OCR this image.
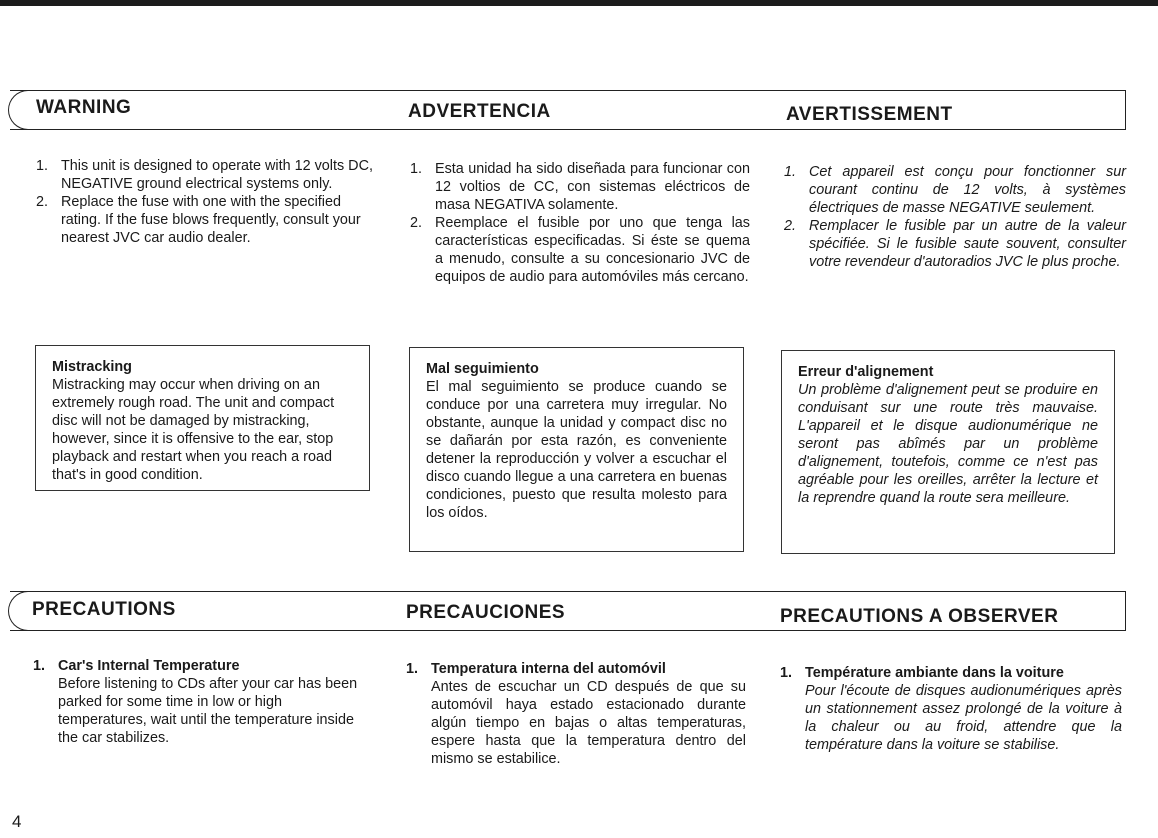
WARNING	ADVERTENCIA	AVERTISSEMENT
1. This unit is designed to operate with 12 volts DC, NEGATIVE ground electrical systems only.
2. Replace the fuse with one with the specified rating. If the fuse blows frequently, consult your nearest JVC car audio dealer.
1. Esta unidad ha sido diseñada para funcionar con 12 voltios de CC, con sistemas eléctricos de masa NEGATIVA solamente.
2. Reemplace el fusible por uno que tenga las características especificadas. Si éste se quema a menudo, consulte a su concesionario JVC de equipos de audio para automóviles más cercano.
1. Cet appareil est conçu pour fonctionner sur courant continu de 12 volts, à systèmes électriques de masse NEGATIVE seulement.
2. Remplacer le fusible par un autre de la valeur spécifiée. Si le fusible saute souvent, consulter votre revendeur d'autoradios JVC le plus proche.
Mistracking
Mistracking may occur when driving on an extremely rough road. The unit and compact disc will not be damaged by mistracking, however, since it is offensive to the ear, stop playback and restart when you reach a road that's in good condition.
Mal seguimiento
El mal seguimiento se produce cuando se conduce por una carretera muy irregular. No obstante, aunque la unidad y compact disc no se dañarán por esta razón, es conveniente detener la reproducción y volver a escuchar el disco cuando llegue a una carretera en buenas condiciones, puesto que resulta molesto para los oídos.
Erreur d'alignement
Un problème d'alignement peut se produire en conduisant sur une route très mauvaise. L'appareil et le disque audionumérique ne seront pas abîmés par un problème d'alignement, toutefois, comme ce n'est pas agréable pour les oreilles, arrêter la lecture et la reprendre quand la route sera meilleure.
PRECAUTIONS	PRECAUCIONES	PRECAUTIONS A OBSERVER
1. Car's Internal Temperature
Before listening to CDs after your car has been parked for some time in low or high temperatures, wait until the temperature inside the car stabilizes.
1. Temperatura interna del automóvil
Antes de escuchar un CD después de que su automóvil haya estado estacionado durante algún tiempo en bajas o altas temperaturas, espere hasta que la temperatura dentro del mismo se estabilice.
1. Température ambiante dans la voiture
Pour l'écoute de disques audionumériques après un stationnement assez prolongé de la voiture à la chaleur ou au froid, attendre que la température dans la voiture se stabilise.
4
